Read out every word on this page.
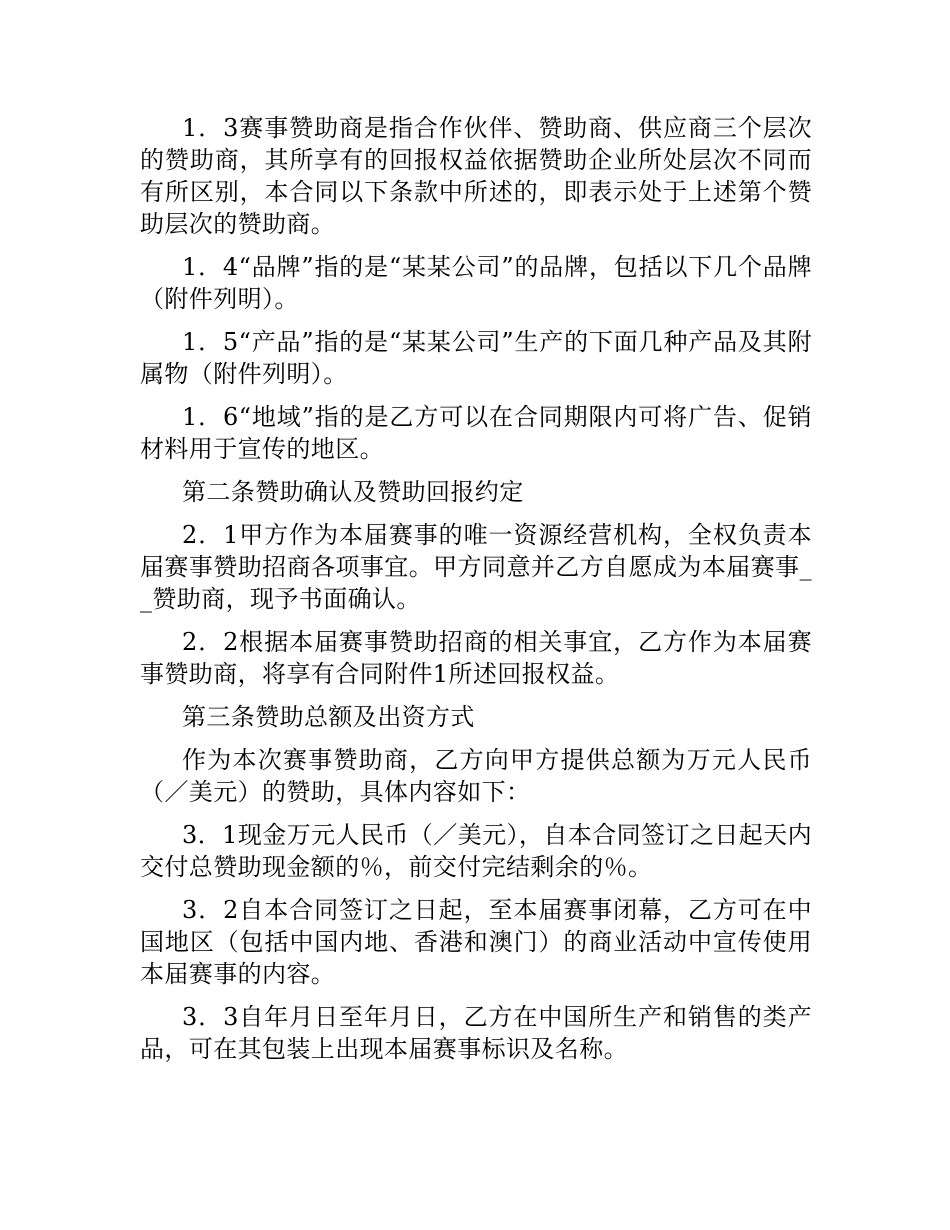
1．3赛事赞助商是指合作伙伴、赞助商、供应商三个层次的赞助商，其所享有的回报权益依据赞助企业所处层次不同而有所区别，本合同以下条款中所述的，即表示处于上述第个赞助层次的赞助商。

1．4“品牌”指的是“某某公司”的品牌，包括以下几个品牌（附件列明）。

1．5“产品”指的是“某某公司”生产的下面几种产品及其附属物（附件列明）。

1．6“地域”指的是乙方可以在合同期限内可将广告、促销材料用于宣传的地区。

第二条赞助确认及赞助回报约定

2．1甲方作为本届赛事的唯一资源经营机构，全权负责本届赛事赞助招商各项事宜。甲方同意并乙方自愿成为本届赛事__赞助商，现予书面确认。

2．2根据本届赛事赞助招商的相关事宜，乙方作为本届赛事赞助商，将享有合同附件1所述回报权益。

第三条赞助总额及出资方式

作为本次赛事赞助商，乙方向甲方提供总额为万元人民币（／美元）的赞助，具体内容如下：

3．1现金万元人民币（／美元），自本合同签订之日起天内交付总赞助现金额的％，前交付完结剩余的％。

3．2自本合同签订之日起，至本届赛事闭幕，乙方可在中国地区（包括中国内地、香港和澳门）的商业活动中宣传使用本届赛事的内容。

3．3自年月日至年月日，乙方在中国所生产和销售的类产品，可在其包装上出现本届赛事标识及名称。
